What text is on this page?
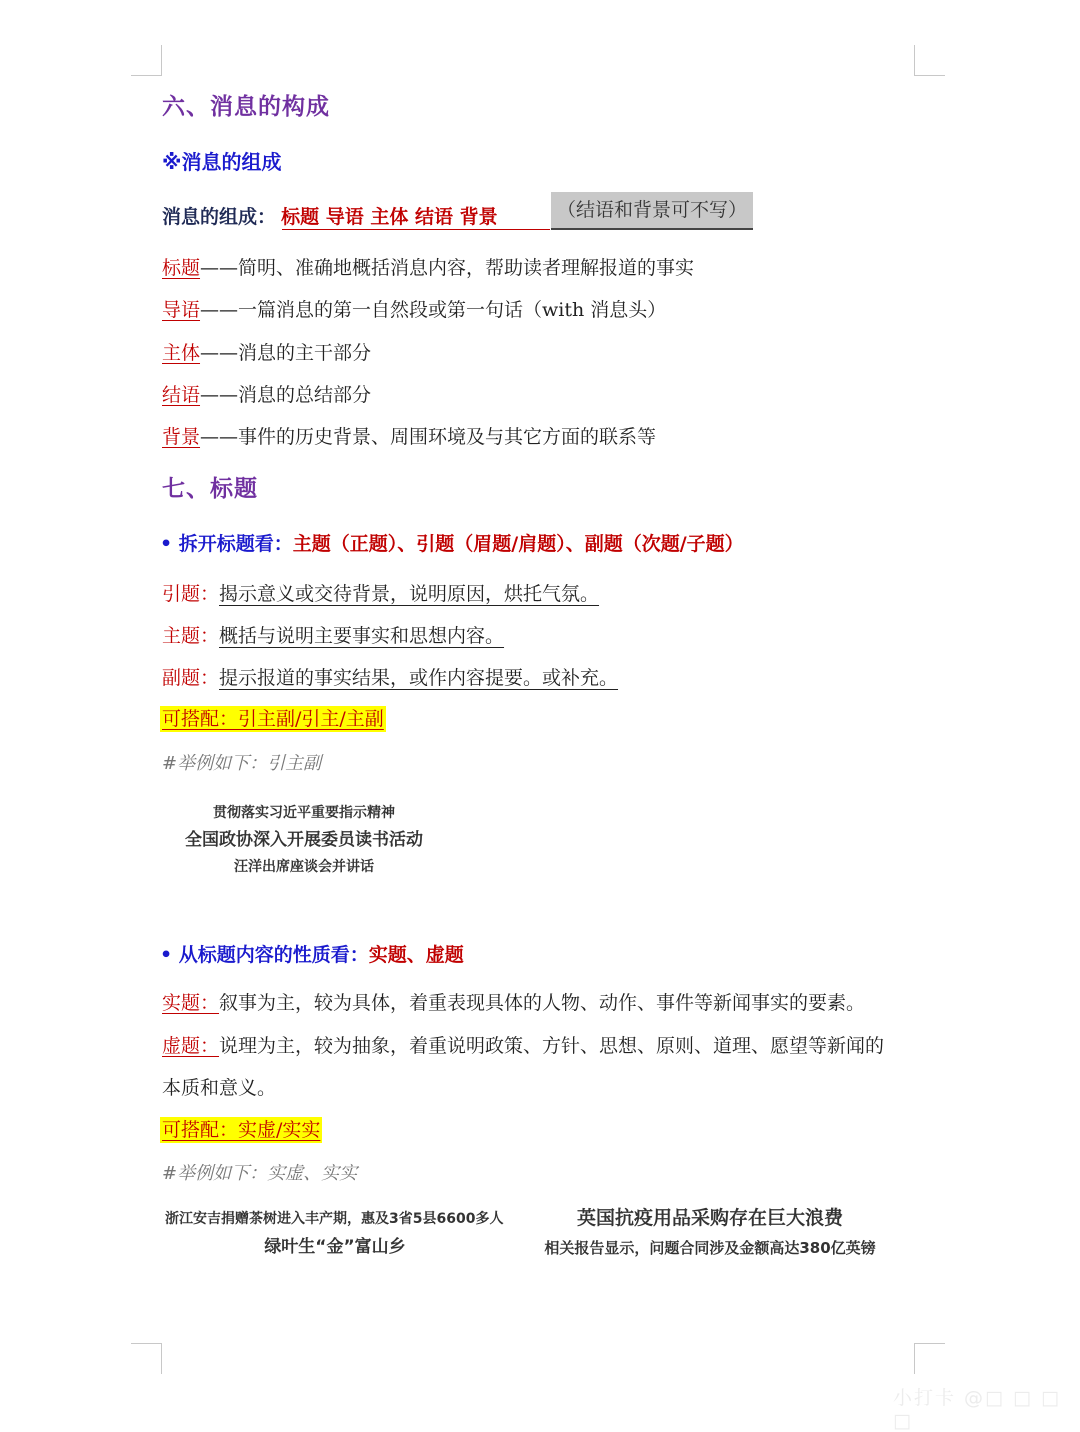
六、消息的构成
※消息的组成
消息的组成： 标题 导语 主体 结语 背景	（结语和背景可不写）
标题——简明、准确地概括消息内容，帮助读者理解报道的事实
导语——一篇消息的第一自然段或第一句话（with 消息头）
主体——消息的主干部分
结语——消息的总结部分
背景——事件的历史背景、周围环境及与其它方面的联系等
七、标题
• 拆开标题看：主题（正题）、引题（眉题/肩题）、副题（次题/子题）
引题：揭示意义或交待背景，说明原因，烘托气氛。
主题：概括与说明主要事实和思想内容。
副题：提示报道的事实结果，或作内容提要。或补充。
可搭配：引主副/引主/主副
#举例如下：引主副
贯彻落实习近平重要指示精神
全国政协深入开展委员读书活动
汪洋出席座谈会并讲话
• 从标题内容的性质看：实题、虚题
实题：叙事为主，较为具体，着重表现具体的人物、动作、事件等新闻事实的要素。
虚题：说理为主，较为抽象，着重说明政策、方针、思想、原则、道理、愿望等新闻的
本质和意义。
可搭配：实虚/实实
#举例如下：实虚、实实
浙江安吉捐赠茶树进入丰产期，惠及3省5县6600多人
绿叶生“金”富山乡
英国抗疫用品采购存在巨大浪费
相关报告显示，问题合同涉及金额高达380亿英镑
小打卡 @□ □ □ □
